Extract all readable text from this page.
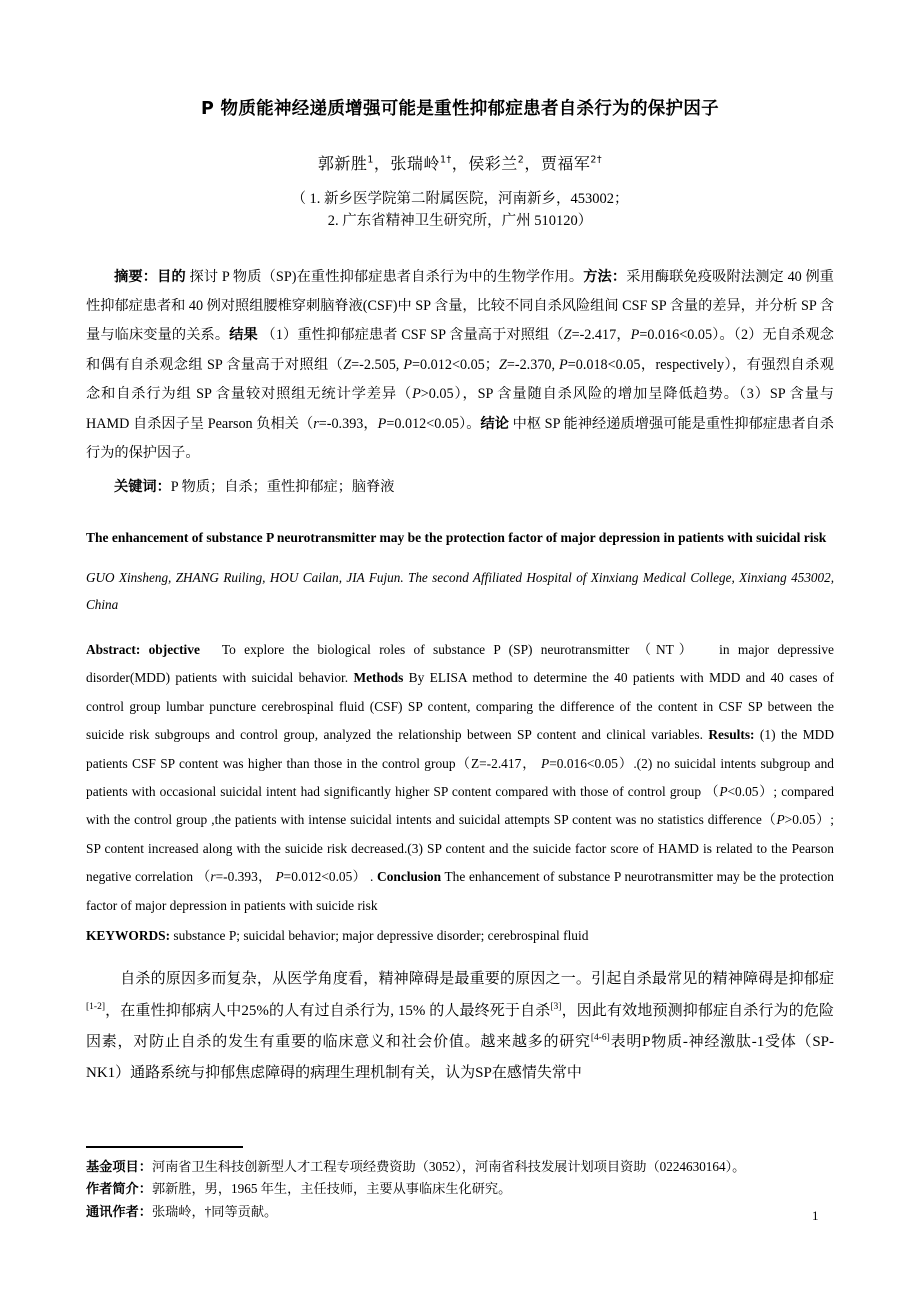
P 物质能神经递质增强可能是重性抑郁症患者自杀行为的保护因子
郭新胜$^1$，张瑞岭$^{1\dagger}$，侯彩兰$^2$，贾福军$^{2\dagger}$
（ 1. 新乡医学院第二附属医院，河南新乡，453002；
2. 广东省精神卫生研究所，广州 510120）
摘要：目的 探讨 P 物质（SP)在重性抑郁症患者自杀行为中的生物学作用。方法：采用酶联免疫吸附法测定 40 例重性抑郁症患者和 40 例对照组腰椎穿刺脑脊液(CSF)中 SP 含量，比较不同自杀风险组间 CSF SP 含量的差异，并分析 SP 含量与临床变量的关系。结果 （1）重性抑郁症患者 CSF SP 含量高于对照组（Z=-2.417，P=0.016<0.05）。（2）无自杀观念和偶有自杀观念组 SP 含量高于对照组（Z=-2.505, P=0.012<0.05；Z=-2.370, P=0.018<0.05，respectively），有强烈自杀观念和自杀行为组 SP 含量较对照组无统计学差异（P>0.05），SP 含量随自杀风险的增加呈降低趋势。（3）SP 含量与 HAMD 自杀因子呈 Pearson 负相关（r=-0.393，P=0.012<0.05）。结论 中枢 SP 能神经递质增强可能是重性抑郁症患者自杀行为的保护因子。
关键词：P 物质；自杀；重性抑郁症；脑脊液
The enhancement of substance P neurotransmitter may be the protection factor of major depression in patients with suicidal risk
GUO Xinsheng, ZHANG Ruiling, HOU Cailan, JIA Fujun. The second Affiliated Hospital of Xinxiang Medical College, Xinxiang 453002, China
Abstract: objective To explore the biological roles of substance P (SP) neurotransmitter （NT） in major depressive disorder(MDD) patients with suicidal behavior. Methods By ELISA method to determine the 40 patients with MDD and 40 cases of control group lumbar puncture cerebrospinal fluid (CSF) SP content, comparing the difference of the content in CSF SP between the suicide risk subgroups and control group, analyzed the relationship between SP content and clinical variables. Results: (1) the MDD patients CSF SP content was higher than those in the control group（Z=-2.417， P=0.016<0.05）.(2) no suicidal intents subgroup and patients with occasional suicidal intent had significantly higher SP content compared with those of control group （P<0.05）; compared with the control group ,the patients with intense suicidal intents and suicidal attempts SP content was no statistics difference（P>0.05）; SP content increased along with the suicide risk decreased.(3) SP content and the suicide factor score of HAMD is related to the Pearson negative correlation （r=-0.393， P=0.012<0.05） . Conclusion The enhancement of substance P neurotransmitter may be the protection factor of major depression in patients with suicide risk
KEYWORDS: substance P; suicidal behavior; major depressive disorder; cerebrospinal fluid
自杀的原因多而复杂，从医学角度看，精神障碍是最重要的原因之一。引起自杀最常见的精神障碍是抑郁症[1-2]，在重性抑郁病人中25%的人有过自杀行为, 15% 的人最终死于自杀[3]，因此有效地预测抑郁症自杀行为的危险因素，对防止自杀的发生有重要的临床意义和社会价值。越来越多的研究[4-6]表明P物质-神经激肽-1受体（SP-NK1）通路系统与抑郁焦虑障碍的病理生理机制有关，认为SP在感情失常中
基金项目：河南省卫生科技创新型人才工程专项经费资助（3052），河南省科技发展计划项目资助（0224630164）。
作者简介：郭新胜，男，1965 年生，主任技师，主要从事临床生化研究。
通讯作者：张瑞岭，†同等贡献。	1
